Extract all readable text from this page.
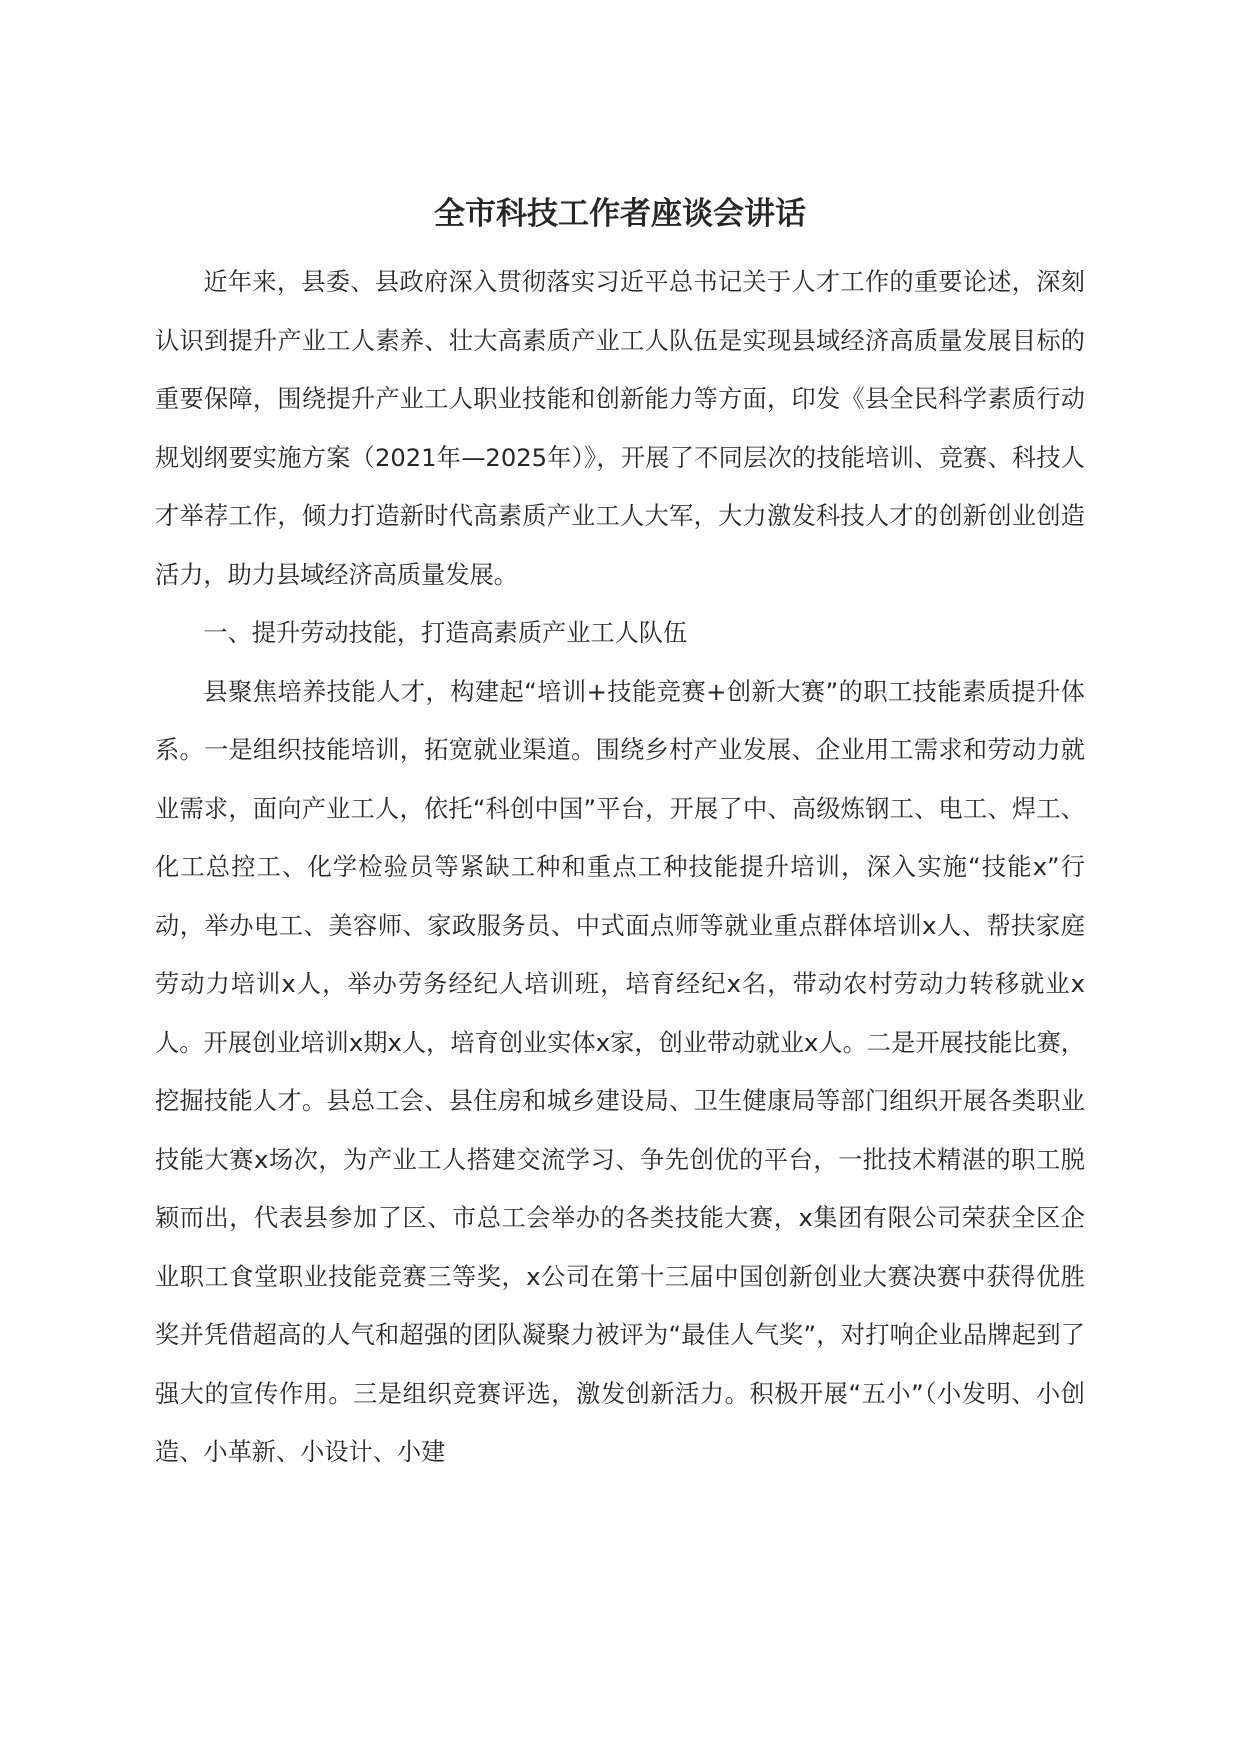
全市科技工作者座谈会讲话

近年来，县委、县政府深入贯彻落实习近平总书记关于人才工作的重要论述，深刻认识到提升产业工人素养、壮大高素质产业工人队伍是实现县域经济高质量发展目标的重要保障，围绕提升产业工人职业技能和创新能力等方面，印发《县全民科学素质行动规划纲要实施方案（2021年—2025年）》，开展了不同层次的技能培训、竞赛、科技人才举荐工作，倾力打造新时代高素质产业工人大军，大力激发科技人才的创新创业创造活力，助力县域经济高质量发展。

一、提升劳动技能，打造高素质产业工人队伍

县聚焦培养技能人才，构建起“培训+技能竞赛+创新大赛”的职工技能素质提升体系。一是组织技能培训，拓宽就业渠道。围绕乡村产业发展、企业用工需求和劳动力就业需求，面向产业工人，依托“科创中国”平台，开展了中、高级炼钢工、电工、焊工、化工总控工、化学检验员等紧缺工种和重点工种技能提升培训，深入实施“技能x”行动，举办电工、美容师、家政服务员、中式面点师等就业重点群体培训x人、帮扶家庭劳动力培训x人，举办劳务经纪人培训班，培育经纪x名，带动农村劳动力转移就业x人。开展创业培训x期x人，培育创业实体x家，创业带动就业x人。二是开展技能比赛，挖掘技能人才。县总工会、县住房和城乡建设局、卫生健康局等部门组织开展各类职业技能大赛x场次，为产业工人搭建交流学习、争先创优的平台，一批技术精湛的职工脱颖而出，代表县参加了区、市总工会举办的各类技能大赛，x集团有限公司荣获全区企业职工食堂职业技能竞赛三等奖，x公司在第十三届中国创新创业大赛决赛中获得优胜奖并凭借超高的人气和超强的团队凝聚力被评为“最佳人气奖”，对打响企业品牌起到了强大的宣传作用。三是组织竞赛评选，激发创新活力。积极开展“五小”（小发明、小创造、小革新、小设计、小建
